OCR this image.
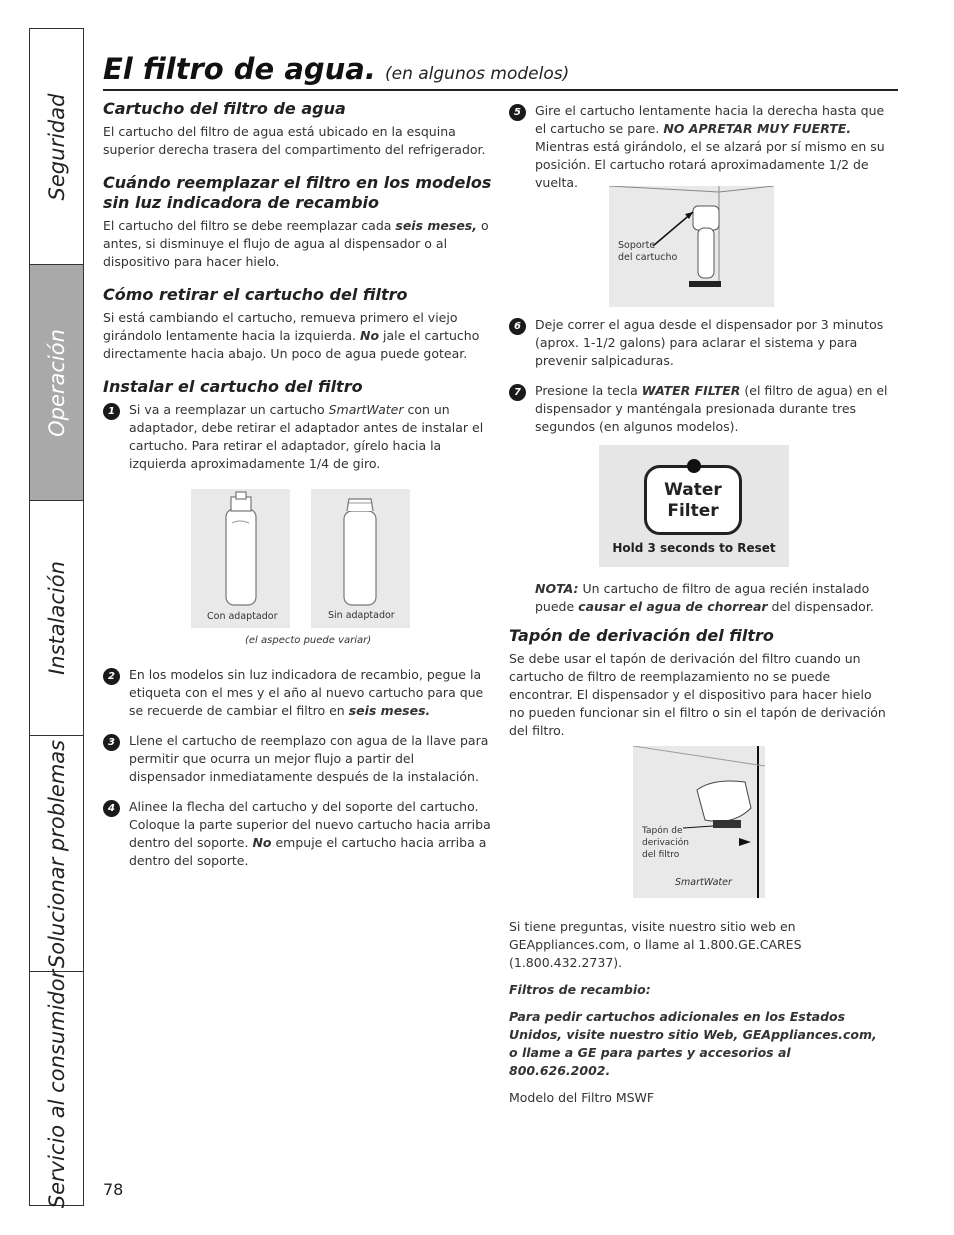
Seguridad
Operación
Instalación
Solucionar problemas
Servicio al consumidor
El filtro de agua. (en algunos modelos)
Cartucho del filtro de agua

El cartucho del filtro de agua está ubicado en la esquina superior derecha trasera del compartimento del refrigerador.

Cuándo reemplazar el filtro en los modelos sin luz indicadora de recambio

El cartucho del filtro se debe reemplazar cada seis meses, o antes, si disminuye el flujo de agua al dispensador o al dispositivo para hacer hielo.

Cómo retirar el cartucho del filtro

Si está cambiando el cartucho, remueva primero el viejo girándolo lentamente hacia la izquierda. No jale el cartucho directamente hacia abajo. Un poco de agua puede gotear.

Instalar el cartucho del filtro
1	Si va a reemplazar un cartucho SmartWater con un adaptador, debe retirar el adaptador antes de instalar el cartucho. Para retirar el adaptador, gírelo hacia la izquierda aproximadamente 1/4 de giro.

Con adaptador	Sin adaptador
(el aspecto puede variar)
2	En los modelos sin luz indicadora de recambio, pegue la etiqueta con el mes y el año al nuevo cartucho para que se recuerde de cambiar el filtro en seis meses.

3	Llene el cartucho de reemplazo con agua de la llave para permitir que ocurra un mejor flujo a partir del dispensador inmediatamente después de la instalación.

4	Alinee la flecha del cartucho y del soporte del cartucho. Coloque la parte superior del nuevo cartucho hacia arriba dentro del soporte. No empuje el cartucho hacia arriba a dentro del soporte.

5	Gire el cartucho lentamente hacia la derecha hasta que el cartucho se pare. NO APRETAR MUY FUERTE. Mientras está girándolo, el se alzará por sí mismo en su posición. El cartucho rotará aproximadamente 1/2 de vuelta.

Soporte
del cartucho
6	Deje correr el agua desde el dispensador por 3 minutos (aprox. 1-1/2 galons) para aclarar el sistema y para prevenir salpicaduras.

7	Presione la tecla WATER FILTER (el filtro de agua) en el dispensador y manténgala presionada durante tres segundos (en algunos modelos).

Water
Filter
Hold 3 seconds to Reset

NOTA: Un cartucho de filtro de agua recién instalado puede causar el agua de chorrear del dispensador.

Tapón de derivación del filtro

Se debe usar el tapón de derivación del filtro cuando un cartucho de filtro de reemplazamiento no se puede encontrar. El dispensador y el dispositivo para hacer hielo no pueden funcionar sin el filtro o sin el tapón de derivación del filtro.

Tapón de
derivación
del filtro
SmartWater

Si tiene preguntas, visite nuestro sitio web en GEAppliances.com, o llame al 1.800.GE.CARES (1.800.432.2737).

Filtros de recambio:

Para pedir cartuchos adicionales en los Estados Unidos, visite nuestro sitio Web, GEAppliances.com, o llame a GE para partes y accesorios al 800.626.2002.

Modelo del Filtro MSWF

78
